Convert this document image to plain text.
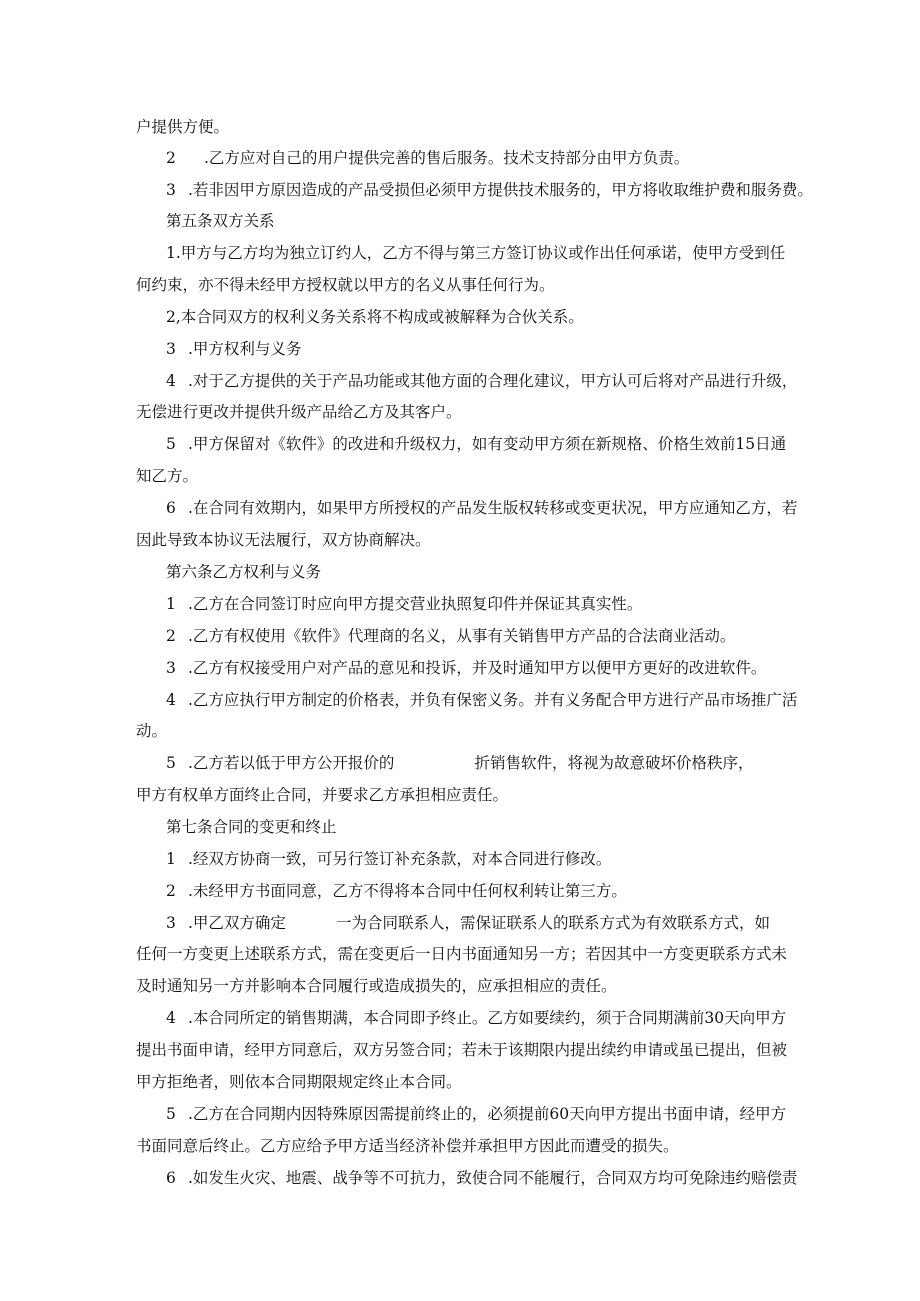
户提供方便。
2 .乙方应对自己的用户提供完善的售后服务。技术支持部分由甲方负责。
3 .若非因甲方原因造成的产品受损但必须甲方提供技术服务的，甲方将收取维护费和服务费。
第五条双方关系
1.甲方与乙方均为独立订约人，乙方不得与第三方签订协议或作出任何承诺，使甲方受到任
何约束，亦不得未经甲方授权就以甲方的名义从事任何行为。
2,本合同双方的权利义务关系将不构成或被解释为合伙关系。
3 .甲方权利与义务
4 .对于乙方提供的关于产品功能或其他方面的合理化建议，甲方认可后将对产品进行升级，
无偿进行更改并提供升级产品给乙方及其客户。
5 .甲方保留对《软件》的改进和升级权力，如有变动甲方须在新规格、价格生效前15日通
知乙方。
6 .在合同有效期内，如果甲方所授权的产品发生版权转移或变更状况，甲方应通知乙方，若
因此导致本协议无法履行，双方协商解决。
第六条乙方权利与义务
1 .乙方在合同签订时应向甲方提交营业执照复印件并保证其真实性。
2 .乙方有权使用《软件》代理商的名义，从事有关销售甲方产品的合法商业活动。
3 .乙方有权接受用户对产品的意见和投诉，并及时通知甲方以便甲方更好的改进软件。
4 .乙方应执行甲方制定的价格表，并负有保密义务。并有义务配合甲方进行产品市场推广活
动。
5 .乙方若以低于甲方公开报价的	折销售软件，将视为故意破坏价格秩序，
甲方有权单方面终止合同，并要求乙方承担相应责任。
第七条合同的变更和终止
1 .经双方协商一致，可另行签订补充条款，对本合同进行修改。
2 .未经甲方书面同意，乙方不得将本合同中任何权利转让第三方。
3 .甲乙双方确定	一为合同联系人，需保证联系人的联系方式为有效联系方式，如
任何一方变更上述联系方式，需在变更后一日内书面通知另一方；若因其中一方变更联系方式未
及时通知另一方并影响本合同履行或造成损失的，应承担相应的责任。
4 .本合同所定的销售期满，本合同即予终止。乙方如要续约，须于合同期满前30天向甲方
提出书面申请，经甲方同意后，双方另签合同；若未于该期限内提出续约申请或虽已提出，但被
甲方拒绝者，则依本合同期限规定终止本合同。
5 .乙方在合同期内因特殊原因需提前终止的，必须提前60天向甲方提出书面申请，经甲方
书面同意后终止。乙方应给予甲方适当经济补偿并承担甲方因此而遭受的损失。
6 .如发生火灾、地震、战争等不可抗力，致使合同不能履行，合同双方均可免除违约赔偿责
